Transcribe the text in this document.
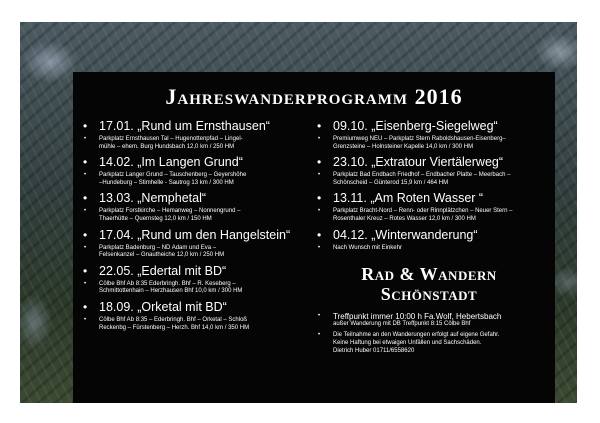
Jahreswanderprogramm 2016
• 17.01. „Rund um Ernsthausen“
• Parkplatz Ernsthausen Tal – Hugenottenpfad – Lingel-
mühle – ehem. Burg Hundsbach 12,0 km / 250 HM
• 14.02. „Im Langen Grund“
• Parkplatz Langer Grund – Tauschenberg – Geyershöhe
–Hundeburg – Stimhelle - Sautrog 13 km / 300 HM
• 13.03. „Nemphetal“
• Parkplatz Forstkirche – Hemanweg – Nonnengrund –
Thaerhütte – Quernsteg 12,0 km / 150 HM
• 17.04. „Rund um den Hangelstein“
• Parkplatz Badenburg – ND Adam und Eva –
Felsenkanzel – Gnautheiche 12,0 km / 250 HM
• 22.05. „Edertal mit BD“
• Cölbe Bhf Ab 8:35 Ederbringh. Bhf – R. Keseberg –
Schmittottenhain – Herzhausen Bhf 10,0 km / 300 HM
• 18.09. „Orketal mit BD“
• Cölbe Bhf Ab 8:35 – Ederbringh. Bhf – Orketal – Schloß
Reckenbg – Fürstenberg – Herzh. Bhf 14,0 km / 350 HM
• 09.10. „Eisenberg-Siegelweg“
• Premiumweg NEU – Parkplatz Stern Raboldshausen-Eisenberg–
Grenzsteine – Holnsteiner Kapelle 14,0 km / 300 HM
• 23.10. „Extratour Viertälerweg“
• Parkplatz Bad Endbach Friedhof – Endbacher Platte – Meerbach –
Schönscheid – Günterod 15,9 km / 464 HM
• 13.11. „Am Roten Wasser “
• Parkplatz Bracht-Nord – Renn- oder Rinnplätzchen – Neuer Stern –
Rosenthaler Kreuz – Rotes Wasser 12,0 km / 300 HM
• 04.12. „Winterwanderung“
• Nach Wunsch mit Einkehr
Rad & Wandern
Schönstadt
• Treffpunkt immer 10:00 h Fa.Wolf, Hebertsbach
außer Wanderung mit DB Treffpunkt 8:15 Cölbe Bhf
• Die Teilnahme an den Wanderungen erfolgt auf eigene Gefahr.
Keine Haftung bei etwaigen Unfällen und Sachschäden.
Dietrich Huber 01711/6558620
